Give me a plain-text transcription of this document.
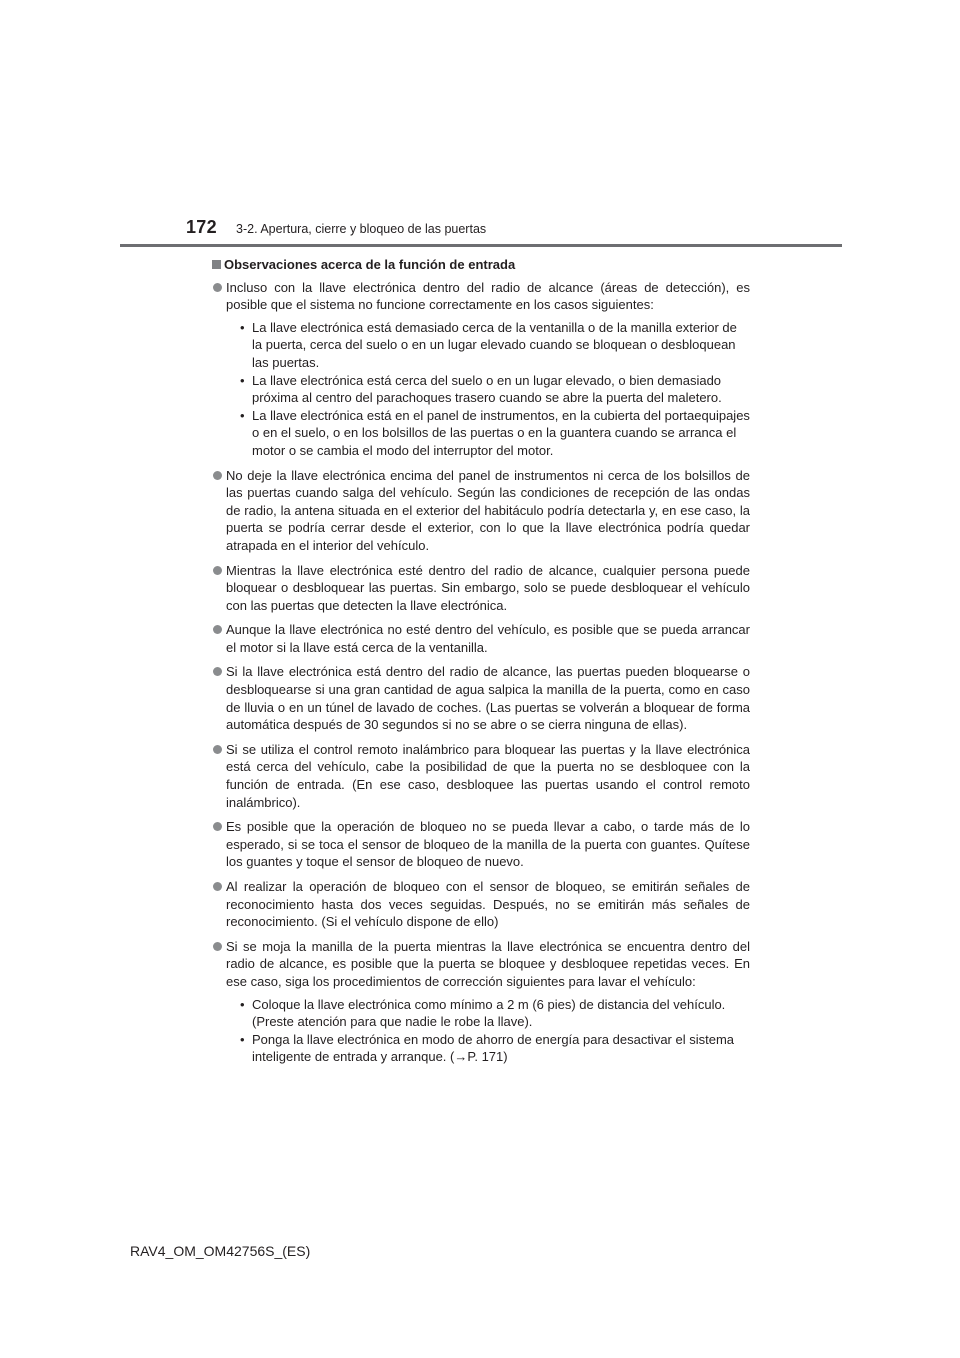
172 3-2. Apertura, cierre y bloqueo de las puertas
Observaciones acerca de la función de entrada
Incluso con la llave electrónica dentro del radio de alcance (áreas de detección), es posible que el sistema no funcione correctamente en los casos siguientes:
• La llave electrónica está demasiado cerca de la ventanilla o de la manilla exterior de la puerta, cerca del suelo o en un lugar elevado cuando se bloquean o desbloquean las puertas.
• La llave electrónica está cerca del suelo o en un lugar elevado, o bien demasiado próxima al centro del parachoques trasero cuando se abre la puerta del maletero.
• La llave electrónica está en el panel de instrumentos, en la cubierta del portaequipajes o en el suelo, o en los bolsillos de las puertas o en la guantera cuando se arranca el motor o se cambia el modo del interruptor del motor.
No deje la llave electrónica encima del panel de instrumentos ni cerca de los bolsillos de las puertas cuando salga del vehículo. Según las condiciones de recepción de las ondas de radio, la antena situada en el exterior del habitáculo podría detectarla y, en ese caso, la puerta se podría cerrar desde el exterior, con lo que la llave electrónica podría quedar atrapada en el interior del vehículo.
Mientras la llave electrónica esté dentro del radio de alcance, cualquier persona puede bloquear o desbloquear las puertas. Sin embargo, solo se puede desbloquear el vehículo con las puertas que detecten la llave electrónica.
Aunque la llave electrónica no esté dentro del vehículo, es posible que se pueda arrancar el motor si la llave está cerca de la ventanilla.
Si la llave electrónica está dentro del radio de alcance, las puertas pueden bloquearse o desbloquearse si una gran cantidad de agua salpica la manilla de la puerta, como en caso de lluvia o en un túnel de lavado de coches. (Las puertas se volverán a bloquear de forma automática después de 30 segundos si no se abre o se cierra ninguna de ellas).
Si se utiliza el control remoto inalámbrico para bloquear las puertas y la llave electrónica está cerca del vehículo, cabe la posibilidad de que la puerta no se desbloquee con la función de entrada. (En ese caso, desbloquee las puertas usando el control remoto inalámbrico).
Es posible que la operación de bloqueo no se pueda llevar a cabo, o tarde más de lo esperado, si se toca el sensor de bloqueo de la manilla de la puerta con guantes. Quítese los guantes y toque el sensor de bloqueo de nuevo.
Al realizar la operación de bloqueo con el sensor de bloqueo, se emitirán señales de reconocimiento hasta dos veces seguidas. Después, no se emitirán más señales de reconocimiento. (Si el vehículo dispone de ello)
Si se moja la manilla de la puerta mientras la llave electrónica se encuentra dentro del radio de alcance, es posible que la puerta se bloquee y desbloquee repetidas veces. En ese caso, siga los procedimientos de corrección siguientes para lavar el vehículo:
• Coloque la llave electrónica como mínimo a 2 m (6 pies) de distancia del vehículo. (Preste atención para que nadie le robe la llave).
• Ponga la llave electrónica en modo de ahorro de energía para desactivar el sistema inteligente de entrada y arranque. (→P. 171)
RAV4_OM_OM42756S_(ES)
